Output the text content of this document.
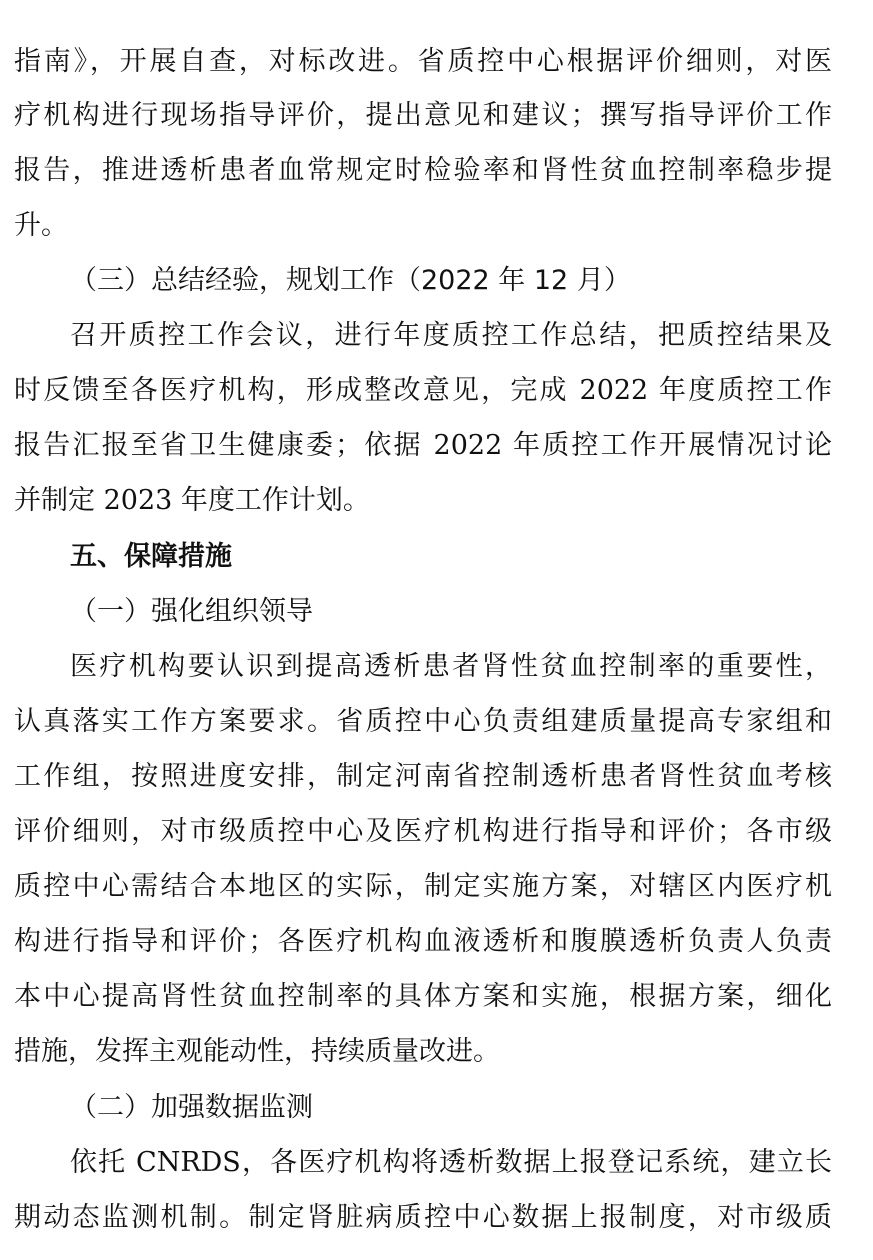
指南》，开展自查，对标改进。省质控中心根据评价细则，对医
疗机构进行现场指导评价，提出意见和建议；撰写指导评价工作
报告，推进透析患者血常规定时检验率和肾性贫血控制率稳步提
升。
（三）总结经验，规划工作（2022 年 12 月）
召开质控工作会议，进行年度质控工作总结，把质控结果及
时反馈至各医疗机构，形成整改意见，完成 2022 年度质控工作
报告汇报至省卫生健康委；依据 2022 年质控工作开展情况讨论
并制定 2023 年度工作计划。
五、保障措施
（一）强化组织领导
医疗机构要认识到提高透析患者肾性贫血控制率的重要性，
认真落实工作方案要求。省质控中心负责组建质量提高专家组和
工作组，按照进度安排，制定河南省控制透析患者肾性贫血考核
评价细则，对市级质控中心及医疗机构进行指导和评价；各市级
质控中心需结合本地区的实际，制定实施方案，对辖区内医疗机
构进行指导和评价；各医疗机构血液透析和腹膜透析负责人负责
本中心提高肾性贫血控制率的具体方案和实施，根据方案，细化
措施，发挥主观能动性，持续质量改进。
（二）加强数据监测
依托 CNRDS，各医疗机构将透析数据上报登记系统，建立长
期动态监测机制。制定肾脏病质控中心数据上报制度，对市级质
